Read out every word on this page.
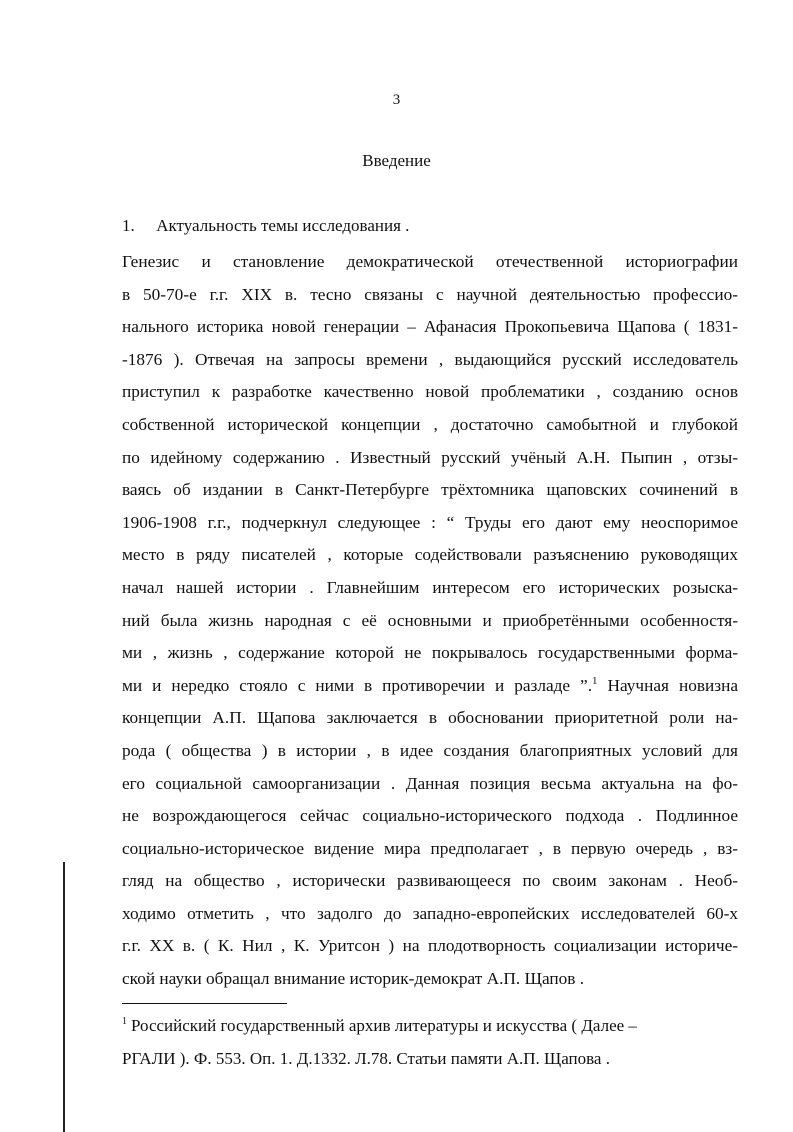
3
Введение
1. Актуальность темы исследования .
Генезис и становление демократической отечественной историографии
в 50-70-е г.г. XIX в. тесно связаны с научной деятельностью профессио-
нального историка новой генерации – Афанасия Прокопьевича Щапова ( 1831-
-1876 ). Отвечая на запросы времени , выдающийся русский исследователь
приступил к разработке качественно новой проблематики , созданию основ
собственной исторической концепции , достаточно самобытной и глубокой
по идейному содержанию . Известный русский учёный А.Н. Пыпин , отзы-
ваясь об издании в Санкт-Петербурге трёхтомника щаповских сочинений в
1906-1908 г.г., подчеркнул следующее : “ Труды его дают ему неоспоримое
место в ряду писателей , которые содействовали разъяснению руководящих
начал нашей истории . Главнейшим интересом его исторических розыска-
ний была жизнь народная с её основными и приобретёнными особенностя-
ми , жизнь , содержание которой не покрывалось государственными форма-
ми и нередко стояло с ними в противоречии и разладе ”.$^1$ Научная новизна
концепции А.П. Щапова заключается в обосновании приоритетной роли на-
рода ( общества ) в истории , в идее создания благоприятных условий для
его социальной самоорганизации . Данная позиция весьма актуальна на фо-
не возрождающегося сейчас социально-исторического подхода . Подлинное
социально-историческое видение мира предполагает , в первую очередь , вз-
гляд на общество , исторически развивающееся по своим законам . Необ-
ходимо отметить , что задолго до западно-европейских исследователей 60-х
г.г. XX в. ( К. Нил , К. Уритсон ) на плодотворность социализации историче-
ской науки обращал внимание историк-демократ А.П. Щапов .
$^1$ Российский государственный архив литературы и искусства ( Далее –
РГАЛИ ). Ф. 553. Оп. 1. Д.1332. Л.78. Статьи памяти А.П. Щапова .
